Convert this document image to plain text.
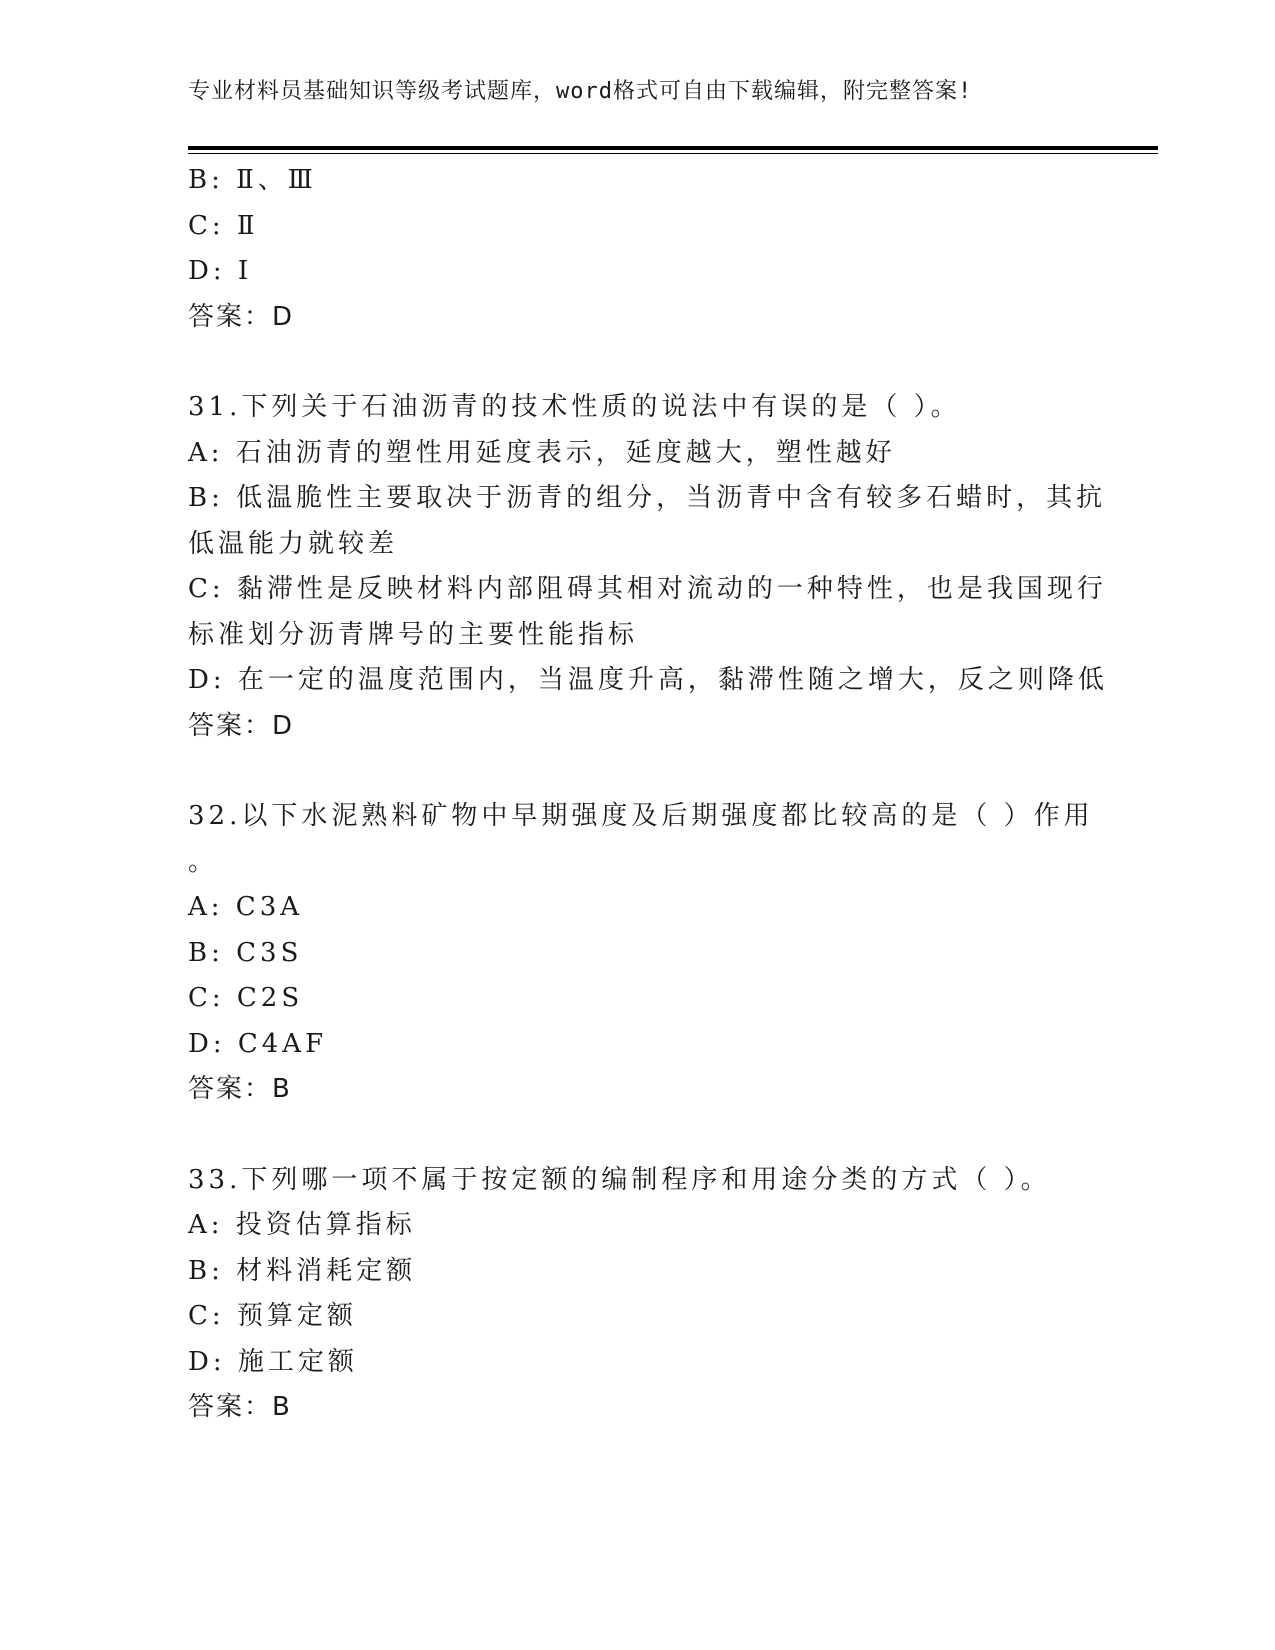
专业材料员基础知识等级考试题库，word格式可自由下载编辑，附完整答案!
B: Ⅱ、Ⅲ
C: Ⅱ
D: Ⅰ
答案：D
31.下列关于石油沥青的技术性质的说法中有误的是（ ）。
A: 石油沥青的塑性用延度表示，延度越大，塑性越好
B: 低温脆性主要取决于沥青的组分，当沥青中含有较多石蜡时，其抗
低温能力就较差
C: 黏滞性是反映材料内部阻碍其相对流动的一种特性，也是我国现行
标准划分沥青牌号的主要性能指标
D: 在一定的温度范围内，当温度升高，黏滞性随之增大，反之则降低
答案：D
32.以下水泥熟料矿物中早期强度及后期强度都比较高的是（ ）作用
。
A: C3A
B: C3S
C: C2S
D: C4AF
答案：B
33.下列哪一项不属于按定额的编制程序和用途分类的方式（ ）。
A: 投资估算指标
B: 材料消耗定额
C: 预算定额
D: 施工定额
答案：B
